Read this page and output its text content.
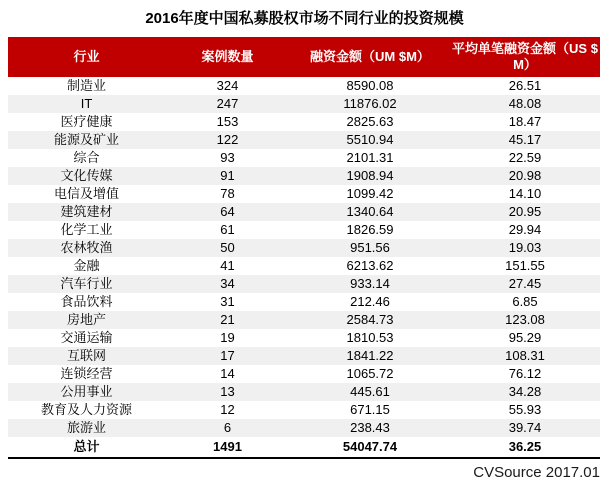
2016年度中国私募股权市场不同行业的投资规模
行业	案例数量	融资金额（UM $M）	平均单笔融资金额（US $ M）
制造业	324	8590.08	26.51
IT	247	11876.02	48.08
医疗健康	153	2825.63	18.47
能源及矿业	122	5510.94	45.17
综合	93	2101.31	22.59
文化传媒	91	1908.94	20.98
电信及增值	78	1099.42	14.10
建筑建材	64	1340.64	20.95
化学工业	61	1826.59	29.94
农林牧渔	50	951.56	19.03
金融	41	6213.62	151.55
汽车行业	34	933.14	27.45
食品饮料	31	212.46	6.85
房地产	21	2584.73	123.08
交通运输	19	1810.53	95.29
互联网	17	1841.22	108.31
连锁经营	14	1065.72	76.12
公用事业	13	445.61	34.28
教育及人力资源	12	671.15	55.93
旅游业	6	238.43	39.74
总计	1491	54047.74	36.25
CVSource 2017.01
